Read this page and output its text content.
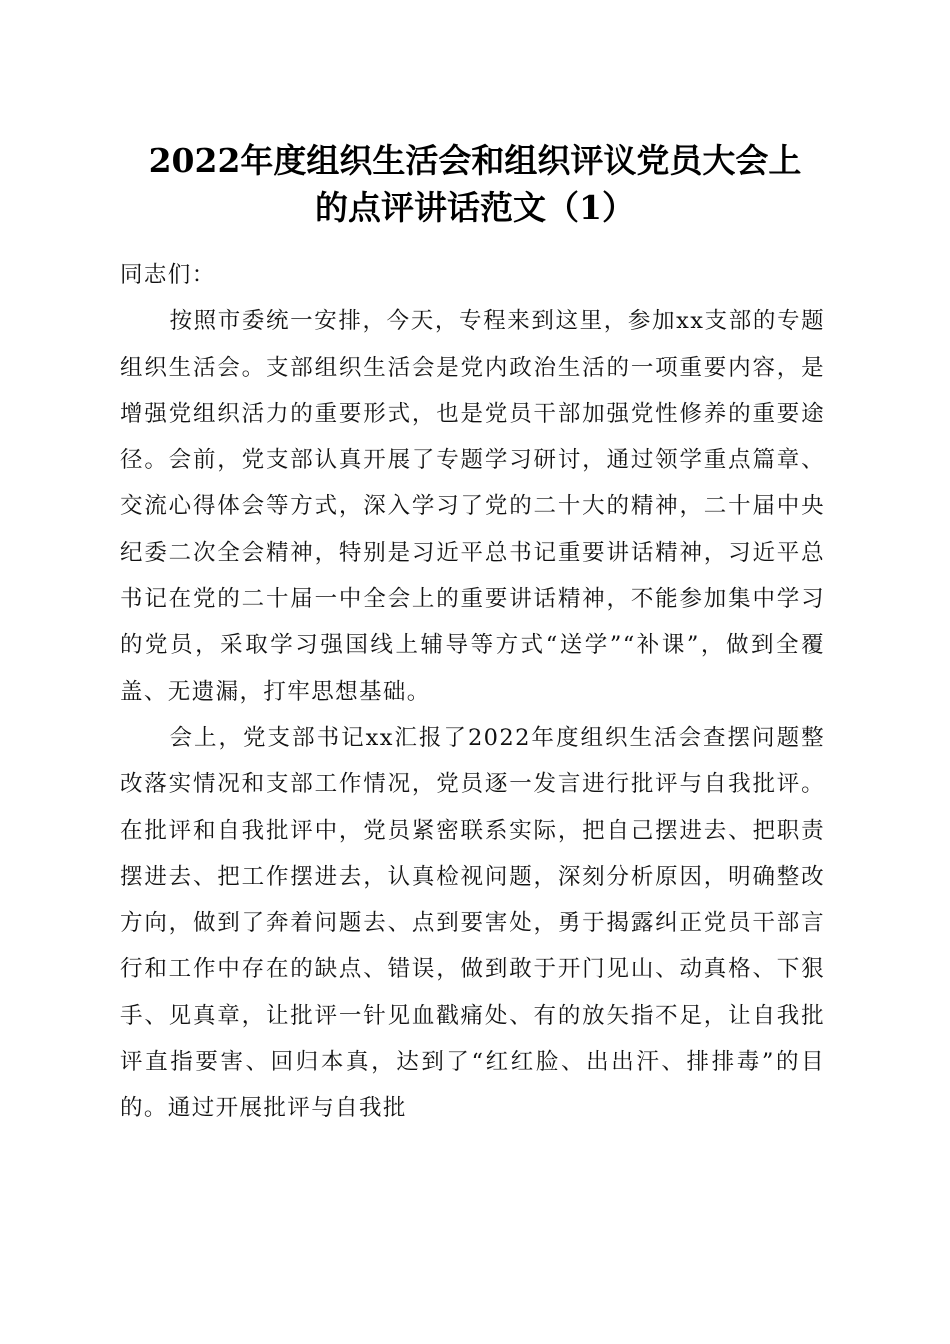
2022年度组织生活会和组织评议党员大会上
的点评讲话范文（1）

同志们：

按照市委统一安排，今天，专程来到这里，参加xx支部的专题组织生活会。支部组织生活会是党内政治生活的一项重要内容，是增强党组织活力的重要形式，也是党员干部加强党性修养的重要途径。会前，党支部认真开展了专题学习研讨，通过领学重点篇章、交流心得体会等方式，深入学习了党的二十大的精神，二十届中央纪委二次全会精神，特别是习近平总书记重要讲话精神，习近平总书记在党的二十届一中全会上的重要讲话精神，不能参加集中学习的党员，采取学习强国线上辅导等方式“送学”“补课”，做到全覆盖、无遗漏，打牢思想基础。

会上，党支部书记xx汇报了2022年度组织生活会查摆问题整改落实情况和支部工作情况，党员逐一发言进行批评与自我批评。在批评和自我批评中，党员紧密联系实际，把自己摆进去、把职责摆进去、把工作摆进去，认真检视问题，深刻分析原因，明确整改方向，做到了奔着问题去、点到要害处，勇于揭露纠正党员干部言行和工作中存在的缺点、错误，做到敢于开门见山、动真格、下狠手、见真章，让批评一针见血戳痛处、有的放矢指不足，让自我批评直指要害、回归本真，达到了“红红脸、出出汗、排排毒”的目的。通过开展批评与自我批
